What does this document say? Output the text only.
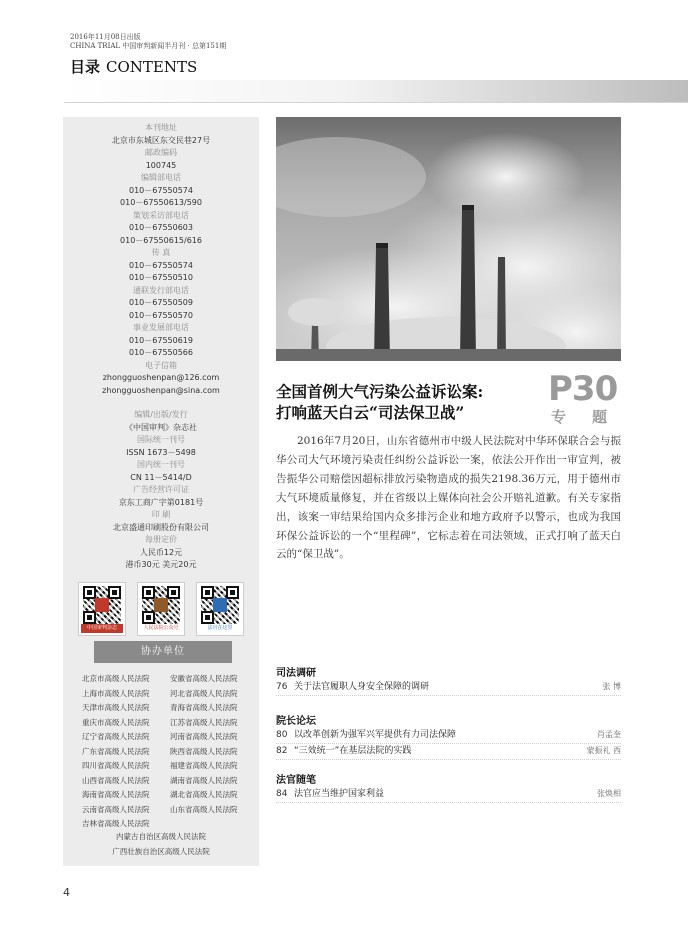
2016年11月08日出版
CHINA TRIAL 中国审判新闻半月刊 · 总第151期
目录 CONTENTS
本刊地址
北京市东城区东交民巷27号
邮政编码
100745
编辑部电话
010－67550574
010－67550613/590
策划采访部电话
010－67550603
010－67550615/616
传 真
010－67550574
010－67550510
通联发行部电话
010－67550509
010－67550570
事业发展部电话
010－67550619
010－67550566
电子信箱
zhongguoshenpan@126.com
zhongguoshenpan@sina.com
编辑/出版/发行
《中国审判》杂志社
国际统一刊号
ISSN 1673－5498
国内统一刊号
CN 11－5414/D
广告经营许可证
京东工商广字第0181号
印 刷
北京盛通印刷股份有限公司
每册定价
人民币12元
港币30元 美元20元
中国审判杂志	人民法院公众号	法官在这里
协办单位
北京市高级人民法院
上海市高级人民法院
天津市高级人民法院
重庆市高级人民法院
辽宁省高级人民法院
广东省高级人民法院
四川省高级人民法院
山西省高级人民法院
海南省高级人民法院
云南省高级人民法院
吉林省高级人民法院
安徽省高级人民法院
河北省高级人民法院
青海省高级人民法院
江苏省高级人民法院
河南省高级人民法院
陕西省高级人民法院
福建省高级人民法院
湖南省高级人民法院
湖北省高级人民法院
山东省高级人民法院
内蒙古自治区高级人民法院
广西壮族自治区高级人民法院
全国首例大气污染公益诉讼案:
打响蓝天白云“司法保卫战”
P30
专题
2016年7月20日，山东省德州市中级人民法院对中华环保联合会与振华公司大气环境污染责任纠纷公益诉讼一案，依法公开作出一审宣判，被告振华公司赔偿因超标排放污染物造成的损失2198.36万元，用于德州市大气环境质量修复，并在省级以上媒体向社会公开赔礼道歉。有关专家指出，该案一审结果给国内众多排污企业和地方政府予以警示，也成为我国环保公益诉讼的一个“里程碑”，它标志着在司法领域，正式打响了蓝天白云的“保卫战”。
司法调研
76 关于法官履职人身安全保障的调研	张 博
院长论坛
80 以改革创新为强军兴军提供有力司法保障	肖孟奎
82 “三效统一”在基层法院的实践	蒙振礼 西
法官随笔
84 法官应当维护国家利益	张焕相
4
